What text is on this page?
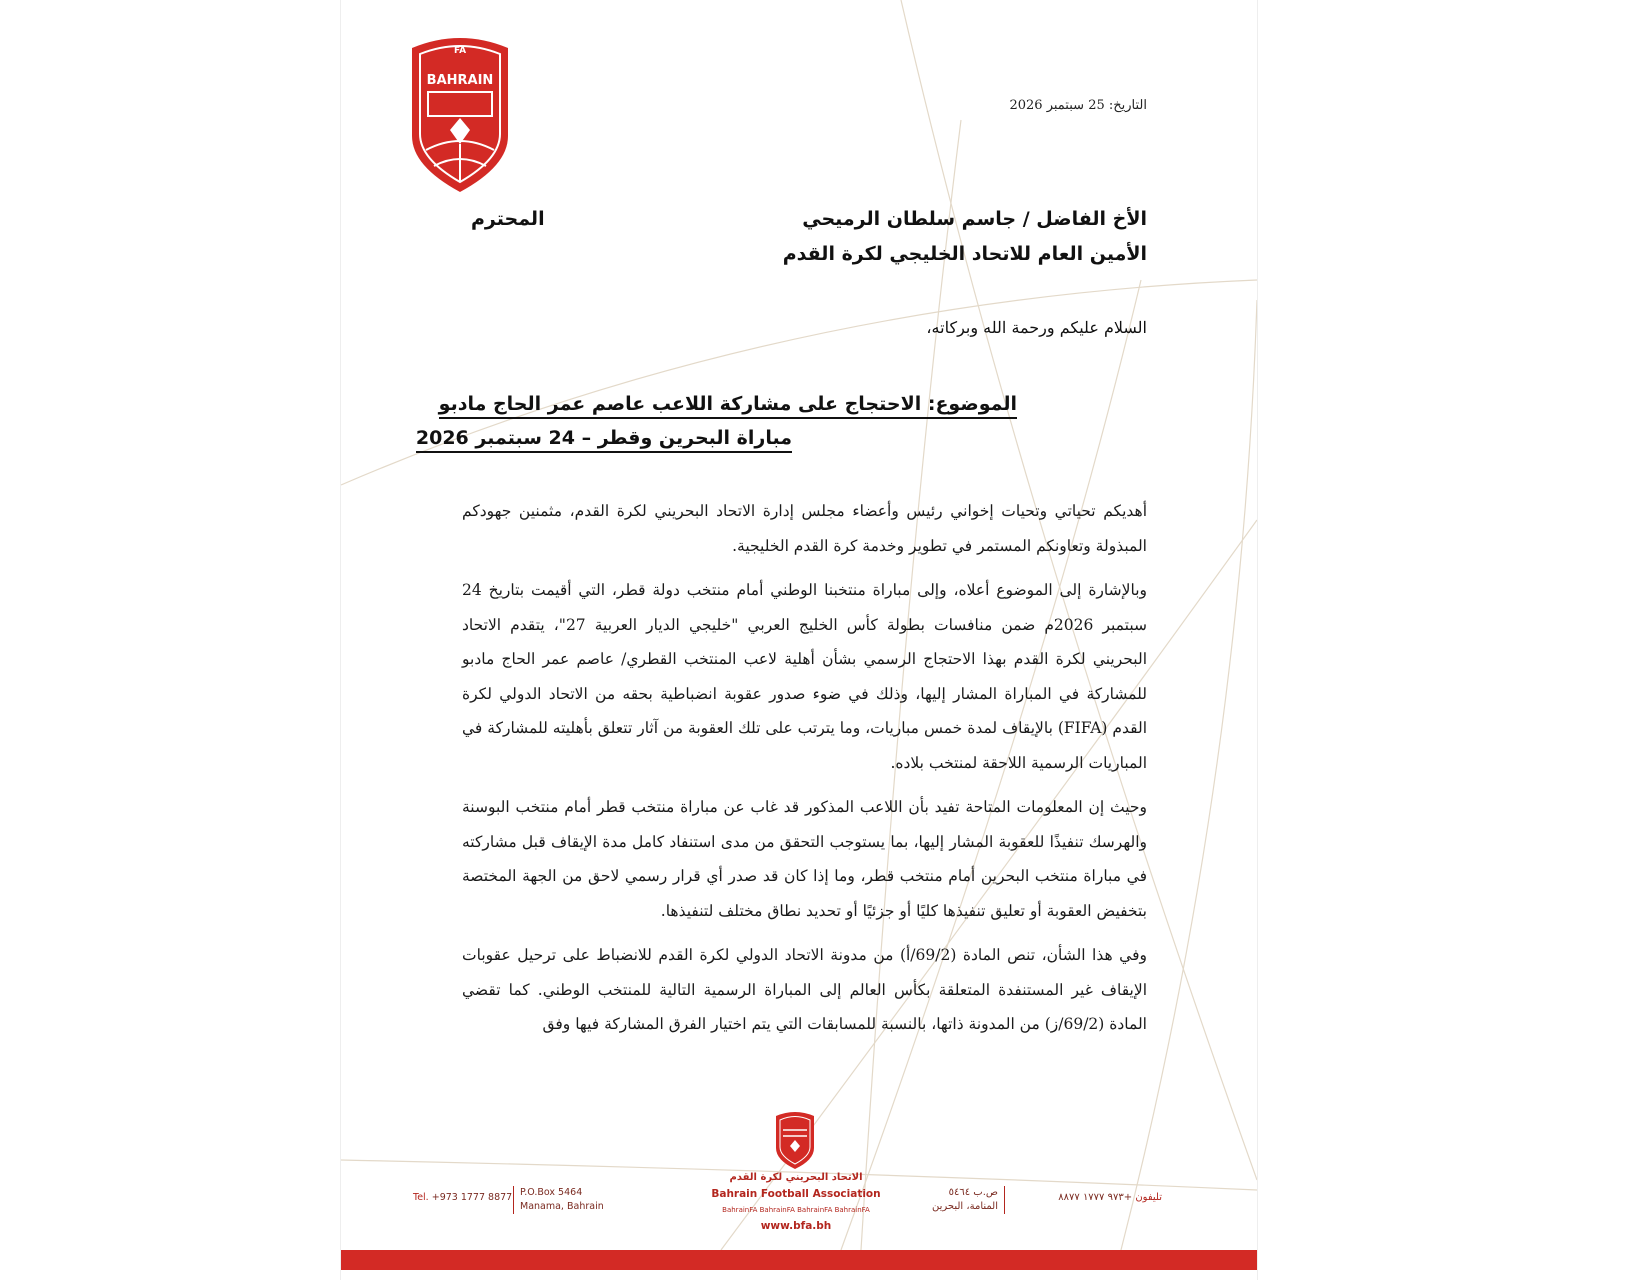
FA
BAHRAIN
التاريخ: 25 سبتمبر 2026
الأخ الفاضل / جاسم سلطان الرميحي
المحترم
الأمين العام للاتحاد الخليجي لكرة القدم
السلام عليكم ورحمة الله وبركاته،
الموضوع: الاحتجاج على مشاركة اللاعب عاصم عمر الحاج مادبو
مباراة البحرين وقطر – 24 سبتمبر 2026

أهديكم تحياتي وتحيات إخواني رئيس وأعضاء مجلس إدارة الاتحاد البحريني لكرة القدم، مثمنين جهودكم المبذولة وتعاونكم المستمر في تطوير وخدمة كرة القدم الخليجية.

وبالإشارة إلى الموضوع أعلاه، وإلى مباراة منتخبنا الوطني أمام منتخب دولة قطر، التي أقيمت بتاريخ 24 سبتمبر 2026م ضمن منافسات بطولة كأس الخليج العربي "خليجي الديار العربية 27"، يتقدم الاتحاد البحريني لكرة القدم بهذا الاحتجاج الرسمي بشأن أهلية لاعب المنتخب القطري/ عاصم عمر الحاج مادبو للمشاركة في المباراة المشار إليها، وذلك في ضوء صدور عقوبة انضباطية بحقه من الاتحاد الدولي لكرة القدم (FIFA) بالإيقاف لمدة خمس مباريات، وما يترتب على تلك العقوبة من آثار تتعلق بأهليته للمشاركة في المباريات الرسمية اللاحقة لمنتخب بلاده.

وحيث إن المعلومات المتاحة تفيد بأن اللاعب المذكور قد غاب عن مباراة منتخب قطر أمام منتخب البوسنة والهرسك تنفيذًا للعقوبة المشار إليها، بما يستوجب التحقق من مدى استنفاد كامل مدة الإيقاف قبل مشاركته في مباراة منتخب البحرين أمام منتخب قطر، وما إذا كان قد صدر أي قرار رسمي لاحق من الجهة المختصة بتخفيض العقوبة أو تعليق تنفيذها كليًا أو جزئيًا أو تحديد نطاق مختلف لتنفيذها.

وفي هذا الشأن، تنص المادة (69/2/أ) من مدونة الاتحاد الدولي لكرة القدم للانضباط على ترحيل عقوبات الإيقاف غير المستنفدة المتعلقة بكأس العالم إلى المباراة الرسمية التالية للمنتخب الوطني. كما تقضي المادة (69/2/ز) من المدونة ذاتها، بالنسبة للمسابقات التي يتم اختيار الفرق المشاركة فيها وفق

الاتحاد البحريني لكرة القدم
Bahrain Football Association
BahrainFA BahrainFA BahrainFA BahrainFA
www.bfa.bh
Tel. +973 1777 8877 P.O.Box 5464
Manama, Bahrain
ص.ب ٥٤٦٤
المنامة، البحرين
تليفون +٩٧٣ ١٧٧٧ ٨٨٧٧
